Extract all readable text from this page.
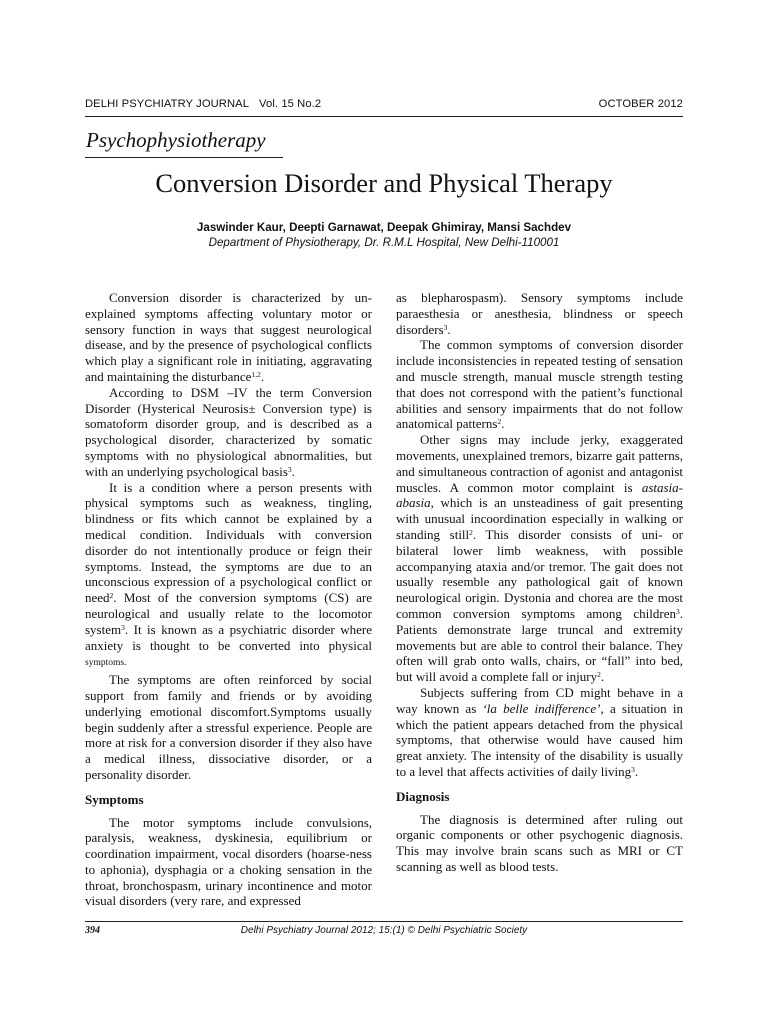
DELHI PSYCHIATRY JOURNAL Vol. 15 No.2	OCTOBER 2012
Psychophysiotherapy
Conversion Disorder and Physical Therapy
Jaswinder Kaur, Deepti Garnawat, Deepak Ghimiray, Mansi Sachdev
Department of Physiotherapy, Dr. R.M.L Hospital, New Delhi-110001

Conversion disorder is characterized by un-explained symptoms affecting voluntary motor or sensory function in ways that suggest neurological disease, and by the presence of psychological conflicts which play a significant role in initiating, aggravating and maintaining the disturbance$^{1,2}$.

According to DSM –IV the term Conversion Disorder (Hysterical Neurosis± Conversion type) is somatoform disorder group, and is described as a psychological disorder, characterized by somatic symptoms with no physiological abnormalities, but with an underlying psychological basis$^3$.

It is a condition where a person presents with physical symptoms such as weakness, tingling, blindness or fits which cannot be explained by a medical condition. Individuals with conversion disorder do not intentionally produce or feign their symptoms. Instead, the symptoms are due to an unconscious expression of a psychological conflict or need$^2$. Most of the conversion symptoms (CS) are neurological and usually relate to the locomotor system$^3$. It is known as a psychiatric disorder where anxiety is thought to be converted into physical symptoms.

The symptoms are often reinforced by social support from family and friends or by avoiding underlying emotional discomfort.Symptoms usually begin suddenly after a stressful experience. People are more at risk for a conversion disorder if they also have a medical illness, dissociative disorder, or a personality disorder.

Symptoms

The motor symptoms include convulsions, paralysis, weakness, dyskinesia, equilibrium or coordination impairment, vocal disorders (hoarse-ness to aphonia), dysphagia or a choking sensation in the throat, bronchospasm, urinary incontinence and motor visual disorders (very rare, and expressed

as blepharospasm). Sensory symptoms include paraesthesia or anesthesia, blindness or speech disorders$^3$.

The common symptoms of conversion disorder include inconsistencies in repeated testing of sensation and muscle strength, manual muscle strength testing that does not correspond with the patient’s functional abilities and sensory impairments that do not follow anatomical patterns$^2$.

Other signs may include jerky, exaggerated movements, unexplained tremors, bizarre gait patterns, and simultaneous contraction of agonist and antagonist muscles. A common motor complaint is astasia-abasia, which is an unsteadiness of gait presenting with unusual incoordination especially in walking or standing still$^2$. This disorder consists of uni- or bilateral lower limb weakness, with possible accompanying ataxia and/or tremor. The gait does not usually resemble any pathological gait of known neurological origin. Dystonia and chorea are the most common conversion symptoms among children$^3$. Patients demonstrate large truncal and extremity movements but are able to control their balance. They often will grab onto walls, chairs, or “fall” into bed, but will avoid a complete fall or injury$^2$.

Subjects suffering from CD might behave in a way known as ‘la belle indifference’, a situation in which the patient appears detached from the physical symptoms, that otherwise would have caused him great anxiety. The intensity of the disability is usually to a level that affects activities of daily living$^3$.

Diagnosis

The diagnosis is determined after ruling out organic components or other psychogenic diagnosis. This may involve brain scans such as MRI or CT scanning as well as blood tests.

394	Delhi Psychiatry Journal 2012; 15:(1) © Delhi Psychiatric Society
